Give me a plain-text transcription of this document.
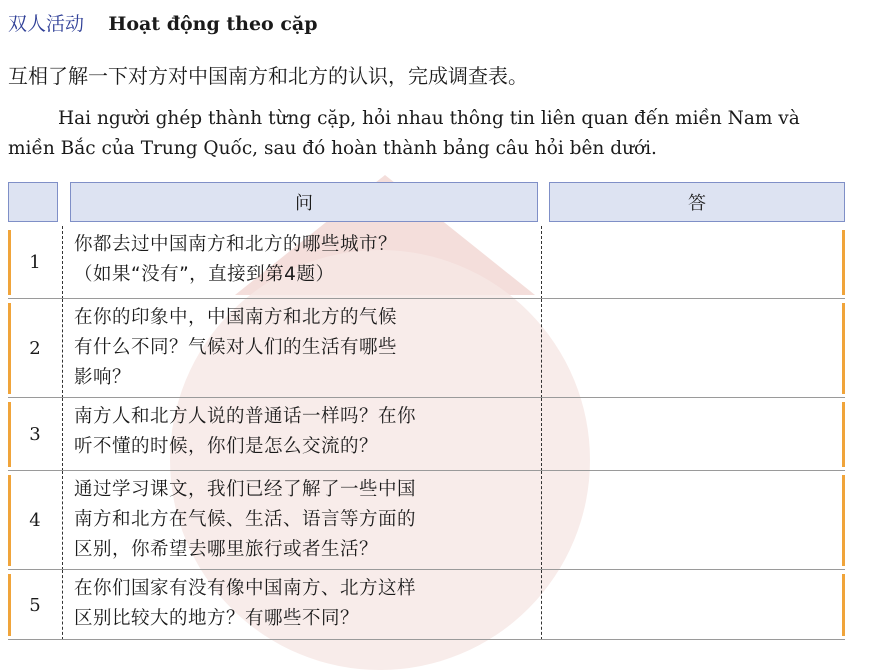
双人活动 Hoạt động theo cặp
互相了解一下对方对中国南方和北方的认识，完成调查表。
Hai người ghép thành từng cặp, hỏi nhau thông tin liên quan đến miền Nam và miền Bắc của Trung Quốc, sau đó hoàn thành bảng câu hỏi bên dưới.
问	答
1
你都去过中国南方和北方的哪些城市？
（如果“没有”，直接到第4题）
2
在你的印象中，中国南方和北方的气候
有什么不同？气候对人们的生活有哪些
影响？
3
南方人和北方人说的普通话一样吗？在你
听不懂的时候，你们是怎么交流的？
4
通过学习课文，我们已经了解了一些中国
南方和北方在气候、生活、语言等方面的
区别，你希望去哪里旅行或者生活？
5
在你们国家有没有像中国南方、北方这样
区别比较大的地方？有哪些不同？
